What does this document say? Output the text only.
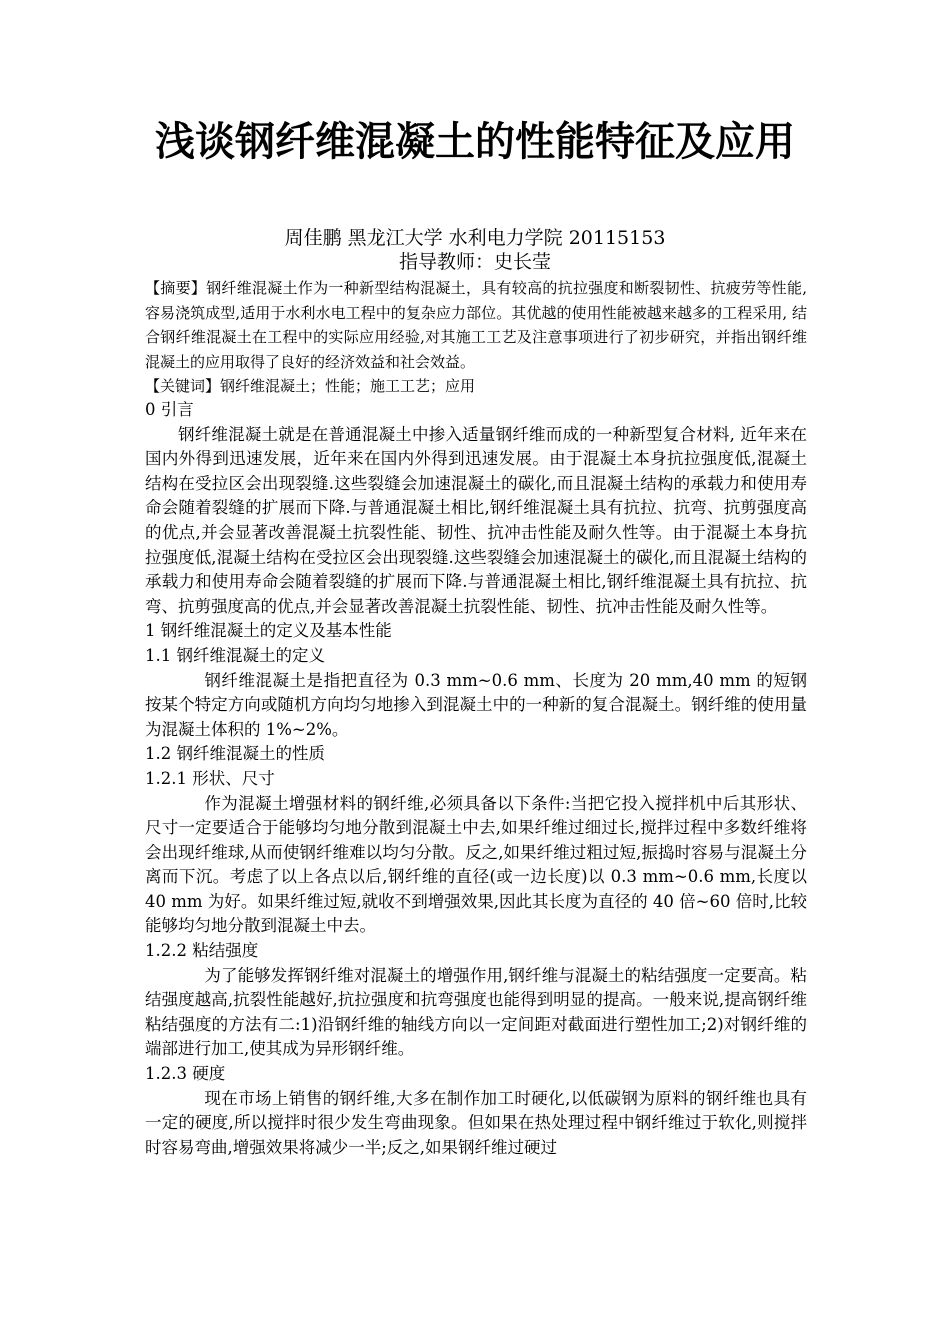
浅谈钢纤维混凝土的性能特征及应用

周佳鹏 黑龙江大学 水利电力学院 20115153

指导教师：史长莹

【摘要】钢纤维混凝土作为一种新型结构混凝土，具有较高的抗拉强度和断裂韧性、抗疲劳等性能,容易浇筑成型,适用于水利水电工程中的复杂应力部位。其优越的使用性能被越来越多的工程采用, 结合钢纤维混凝土在工程中的实际应用经验,对其施工工艺及注意事项进行了初步研究，并指出钢纤维混凝土的应用取得了良好的经济效益和社会效益。

【关键词】钢纤维混凝土；性能；施工工艺；应用

0 引言

钢纤维混凝土就是在普通混凝土中掺入适量钢纤维而成的一种新型复合材料, 近年来在国内外得到迅速发展，近年来在国内外得到迅速发展。由于混凝土本身抗拉强度低,混凝土结构在受拉区会出现裂缝.这些裂缝会加速混凝土的碳化,而且混凝土结构的承载力和使用寿命会随着裂缝的扩展而下降.与普通混凝土相比,钢纤维混凝土具有抗拉、抗弯、抗剪强度高的优点,并会显著改善混凝土抗裂性能、韧性、抗冲击性能及耐久性等。由于混凝土本身抗拉强度低,混凝土结构在受拉区会出现裂缝.这些裂缝会加速混凝土的碳化,而且混凝土结构的承载力和使用寿命会随着裂缝的扩展而下降.与普通混凝土相比,钢纤维混凝土具有抗拉、抗弯、抗剪强度高的优点,并会显著改善混凝土抗裂性能、韧性、抗冲击性能及耐久性等。

1 钢纤维混凝土的定义及基本性能
1.1 钢纤维混凝土的定义

钢纤维混凝土是指把直径为 0.3 mm~0.6 mm、长度为 20 mm,40 mm 的短钢按某个特定方向或随机方向均匀地掺入到混凝土中的一种新的复合混凝土。钢纤维的使用量为混凝土体积的 1%~2%。

1.2 钢纤维混凝土的性质
1.2.1 形状、尺寸

作为混凝土增强材料的钢纤维,必须具备以下条件:当把它投入搅拌机中后其形状、尺寸一定要适合于能够均匀地分散到混凝土中去,如果纤维过细过长,搅拌过程中多数纤维将会出现纤维球,从而使钢纤维难以均匀分散。反之,如果纤维过粗过短,振捣时容易与混凝土分离而下沉。考虑了以上各点以后,钢纤维的直径(或一边长度)以 0.3 mm~0.6 mm,长度以 40 mm 为好。如果纤维过短,就收不到增强效果,因此其长度为直径的 40 倍~60 倍时,比较能够均匀地分散到混凝土中去。

1.2.2 粘结强度

为了能够发挥钢纤维对混凝土的增强作用,钢纤维与混凝土的粘结强度一定要高。粘结强度越高,抗裂性能越好,抗拉强度和抗弯强度也能得到明显的提高。一般来说,提高钢纤维粘结强度的方法有二:1)沿钢纤维的轴线方向以一定间距对截面进行塑性加工;2)对钢纤维的端部进行加工,使其成为异形钢纤维。

1.2.3 硬度

现在市场上销售的钢纤维,大多在制作加工时硬化,以低碳钢为原料的钢纤维也具有一定的硬度,所以搅拌时很少发生弯曲现象。但如果在热处理过程中钢纤维过于软化,则搅拌时容易弯曲,增强效果将减少一半;反之,如果钢纤维过硬过
